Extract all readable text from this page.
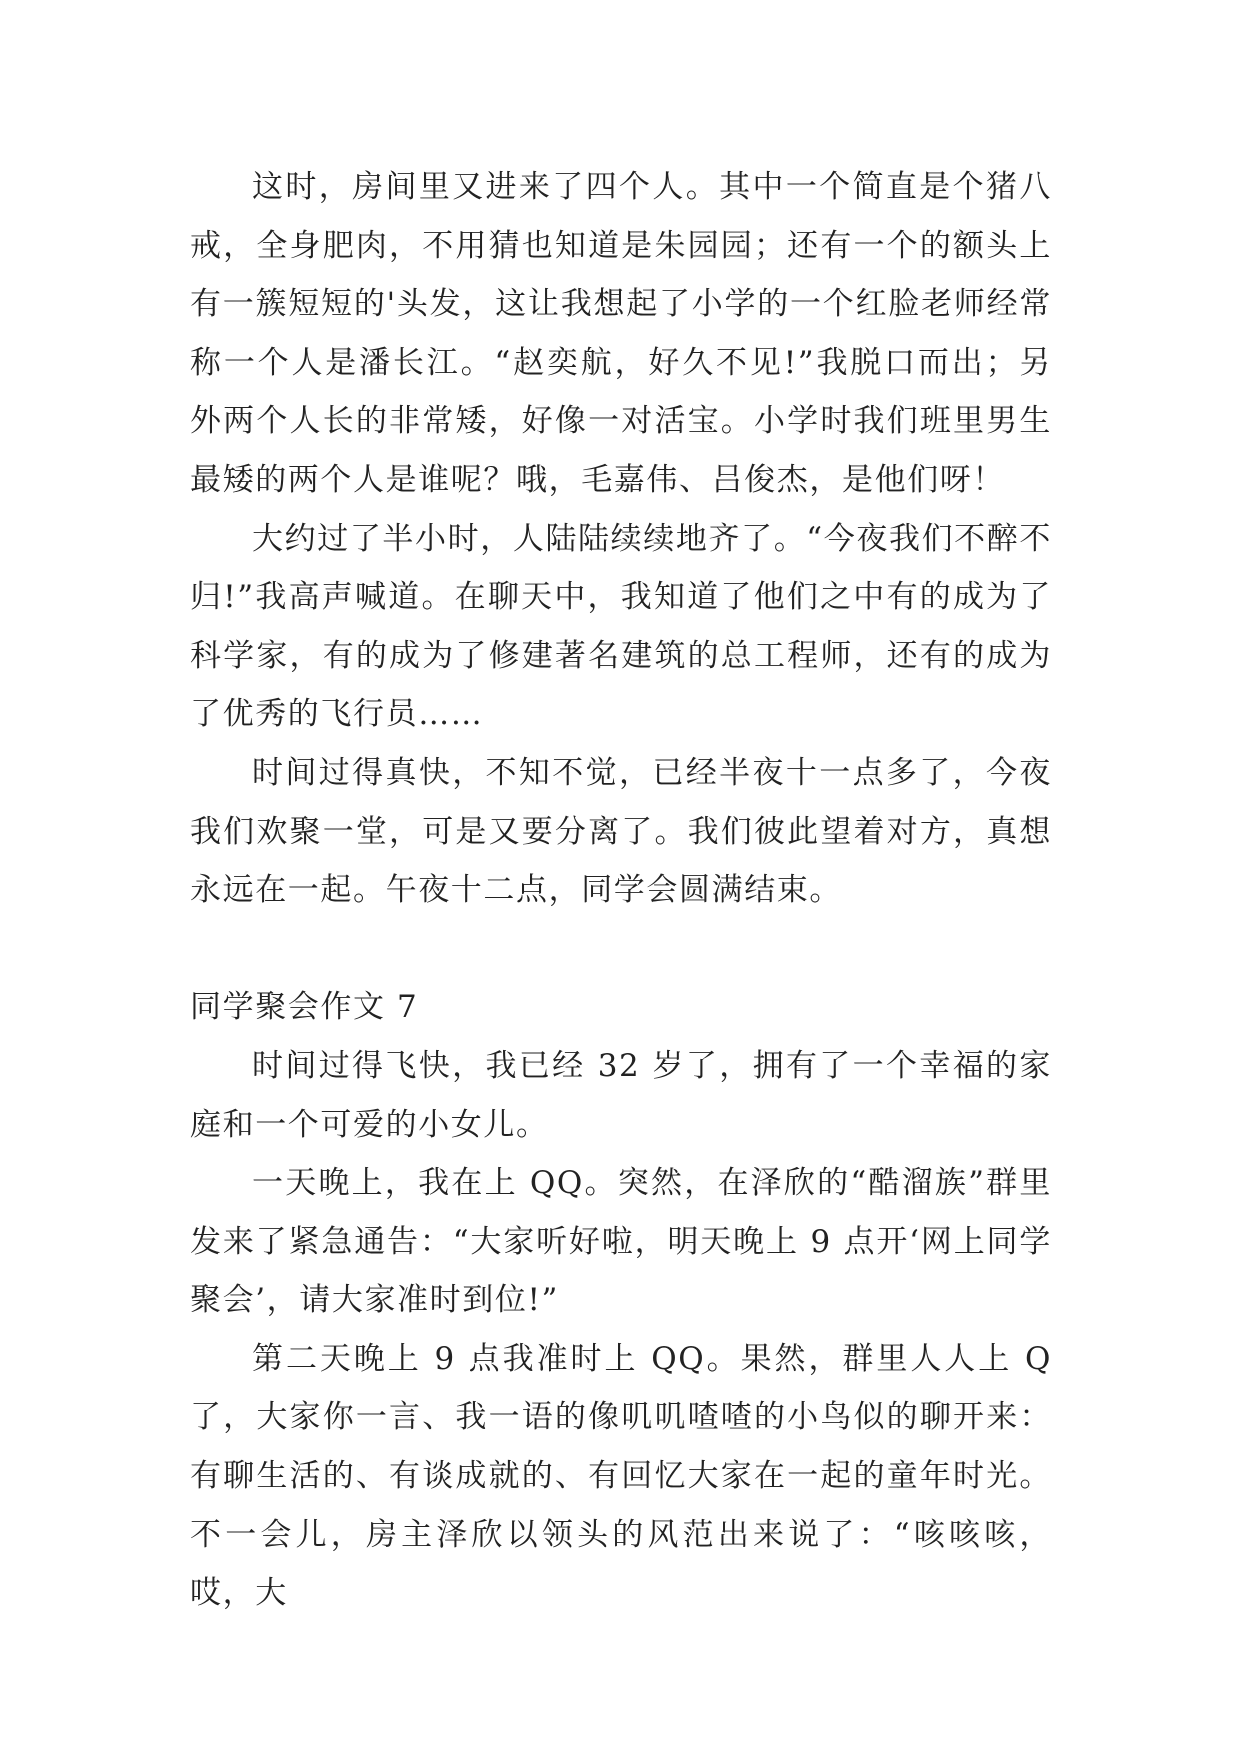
这时，房间里又进来了四个人。其中一个简直是个猪八戒，全身肥肉，不用猜也知道是朱园园；还有一个的额头上有一簇短短的'头发，这让我想起了小学的一个红脸老师经常称一个人是潘长江。“赵奕航，好久不见!”我脱口而出；另外两个人长的非常矮，好像一对活宝。小学时我们班里男生最矮的两个人是谁呢？哦，毛嘉伟、吕俊杰，是他们呀！

大约过了半小时，人陆陆续续地齐了。“今夜我们不醉不归!”我高声喊道。在聊天中，我知道了他们之中有的成为了科学家，有的成为了修建著名建筑的总工程师，还有的成为了优秀的飞行员……

时间过得真快，不知不觉，已经半夜十一点多了，今夜我们欢聚一堂，可是又要分离了。我们彼此望着对方，真想永远在一起。午夜十二点，同学会圆满结束。

同学聚会作文 7

时间过得飞快，我已经 32 岁了，拥有了一个幸福的家庭和一个可爱的小女儿。

一天晚上，我在上 QQ。突然，在泽欣的“酷溜族”群里发来了紧急通告：“大家听好啦，明天晚上 9 点开‘网上同学聚会’，请大家准时到位!”

第二天晚上 9 点我准时上 QQ。果然，群里人人上 Q 了，大家你一言、我一语的像叽叽喳喳的小鸟似的聊开来：有聊生活的、有谈成就的、有回忆大家在一起的童年时光。不一会儿，房主泽欣以领头的风范出来说了：“咳咳咳，哎，大
